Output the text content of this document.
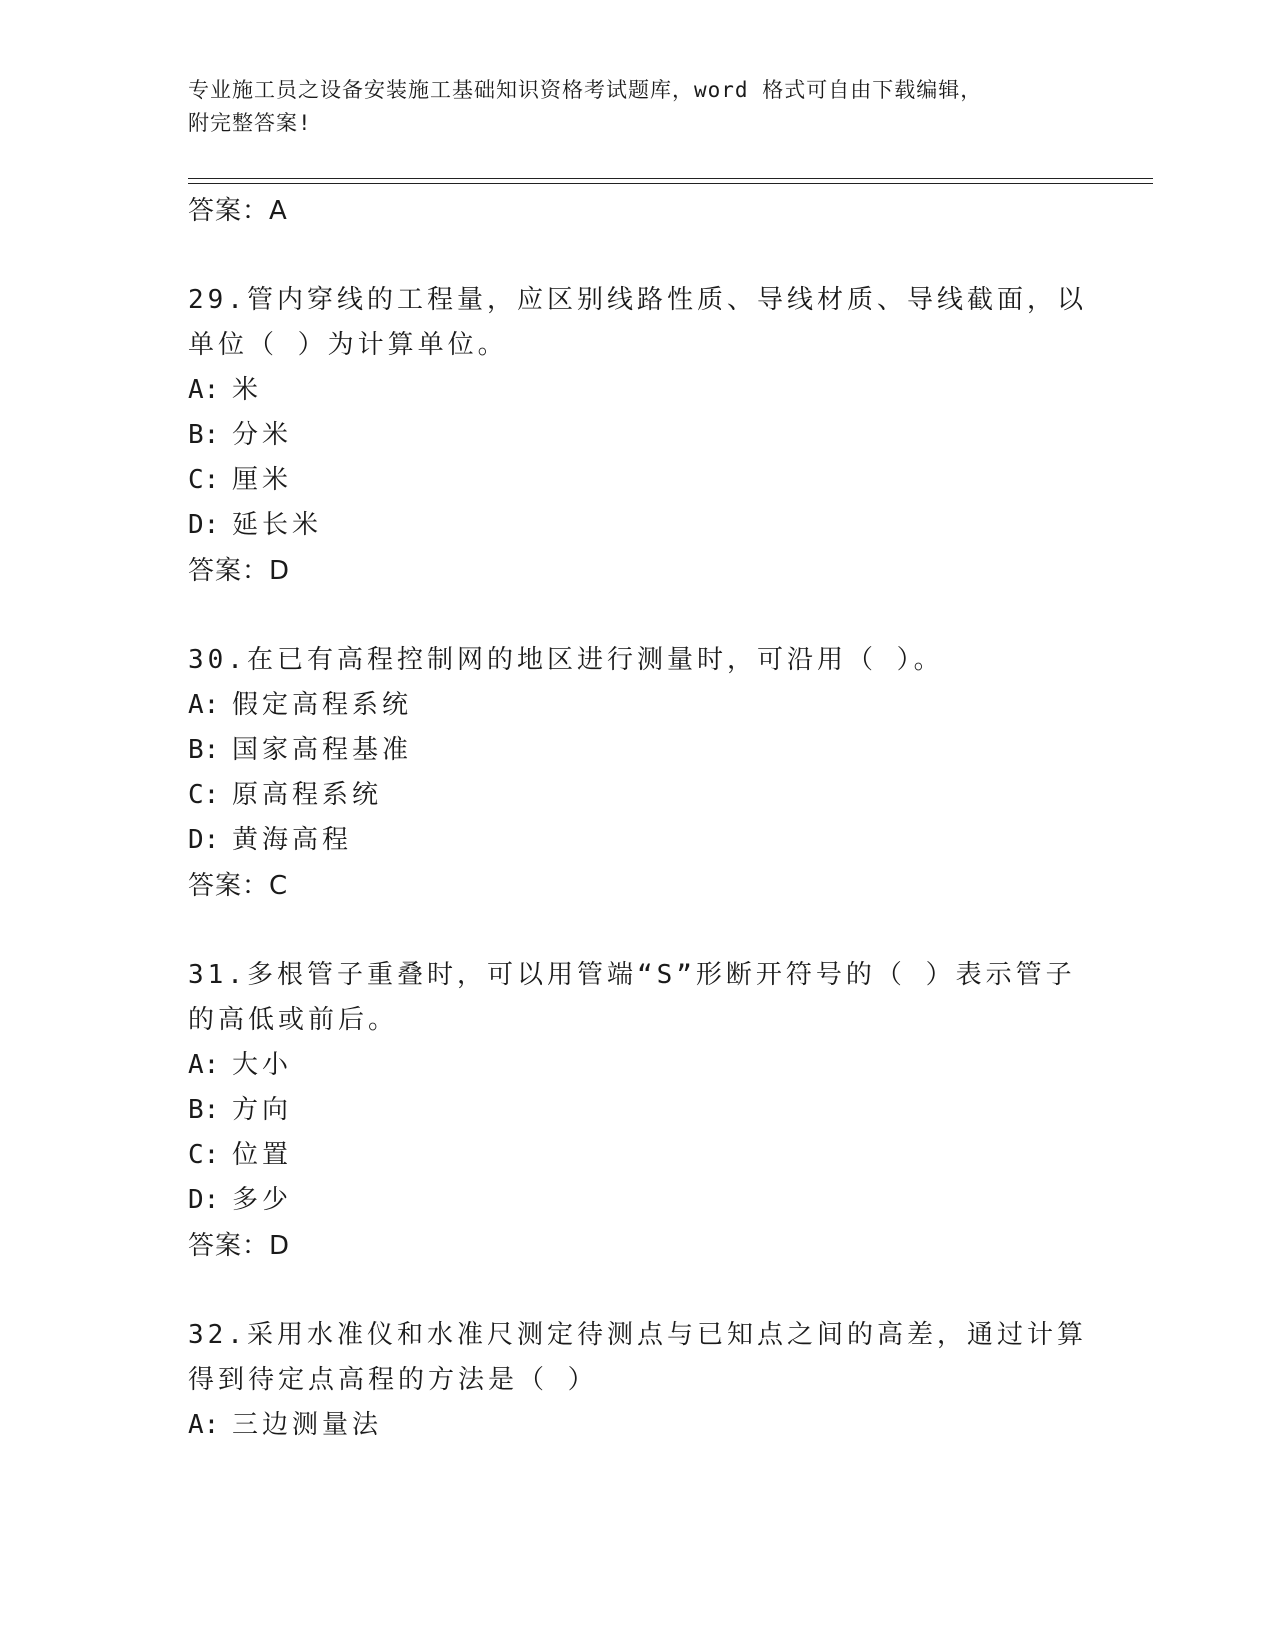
专业施工员之设备安装施工基础知识资格考试题库，word 格式可自由下载编辑，
附完整答案!
答案：A
29.管内穿线的工程量，应区别线路性质、导线材质、导线截面，以单位（ ）为计算单位。
A: 米
B: 分米
C: 厘米
D: 延长米
答案：D
30.在已有高程控制网的地区进行测量时，可沿用（ ）。
A: 假定高程系统
B: 国家高程基准
C: 原高程系统
D: 黄海高程
答案：C
31.多根管子重叠时，可以用管端“S”形断开符号的（ ）表示管子的高低或前后。
A: 大小
B: 方向
C: 位置
D: 多少
答案：D
32.采用水准仪和水准尺测定待测点与已知点之间的高差，通过计算得到待定点高程的方法是（ ）
A: 三边测量法
